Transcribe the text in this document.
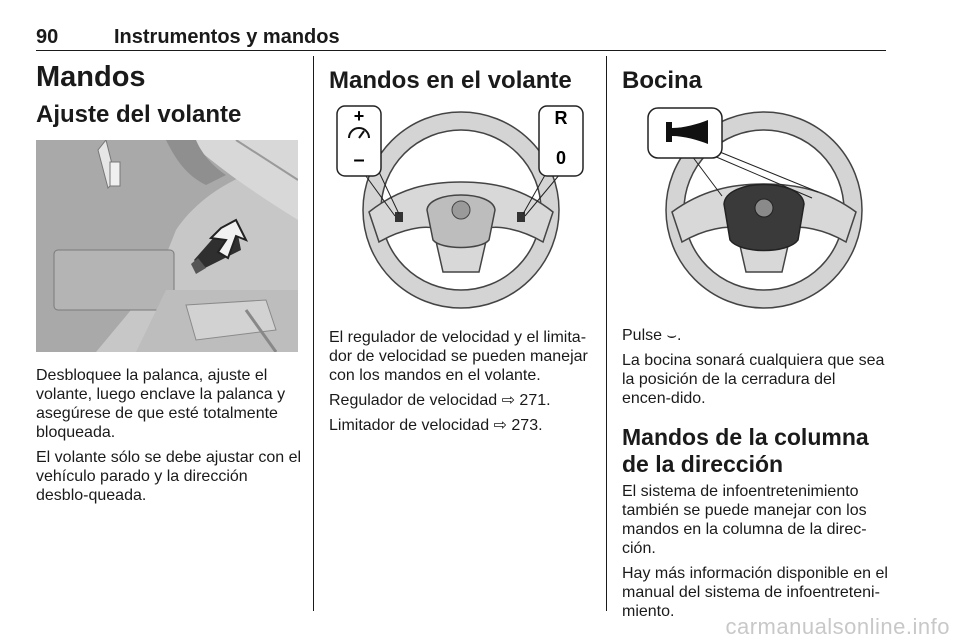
90	Instrumentos y mandos
Mandos
Ajuste del volante

Desbloquee la palanca, ajuste el volante, luego enclave la palanca y asegúrese de que esté totalmente bloqueada.

El volante sólo se debe ajustar con el vehículo parado y la dirección desblo-queada.

Mandos en el volante
+
–
R
0

El regulador de velocidad y el limita-dor de velocidad se pueden manejar con los mandos en el volante.

Regulador de velocidad ⇨ 271.

Limitador de velocidad ⇨ 273.

Bocina

Pulse ⌣.

La bocina sonará cualquiera que sea la posición de la cerradura del encen-dido.

Mandos de la columna de la dirección

El sistema de infoentretenimiento también se puede manejar con los mandos en la columna de la direc-ción.

Hay más información disponible en el manual del sistema de infoentreteni-miento.

carmanualsonline.info
